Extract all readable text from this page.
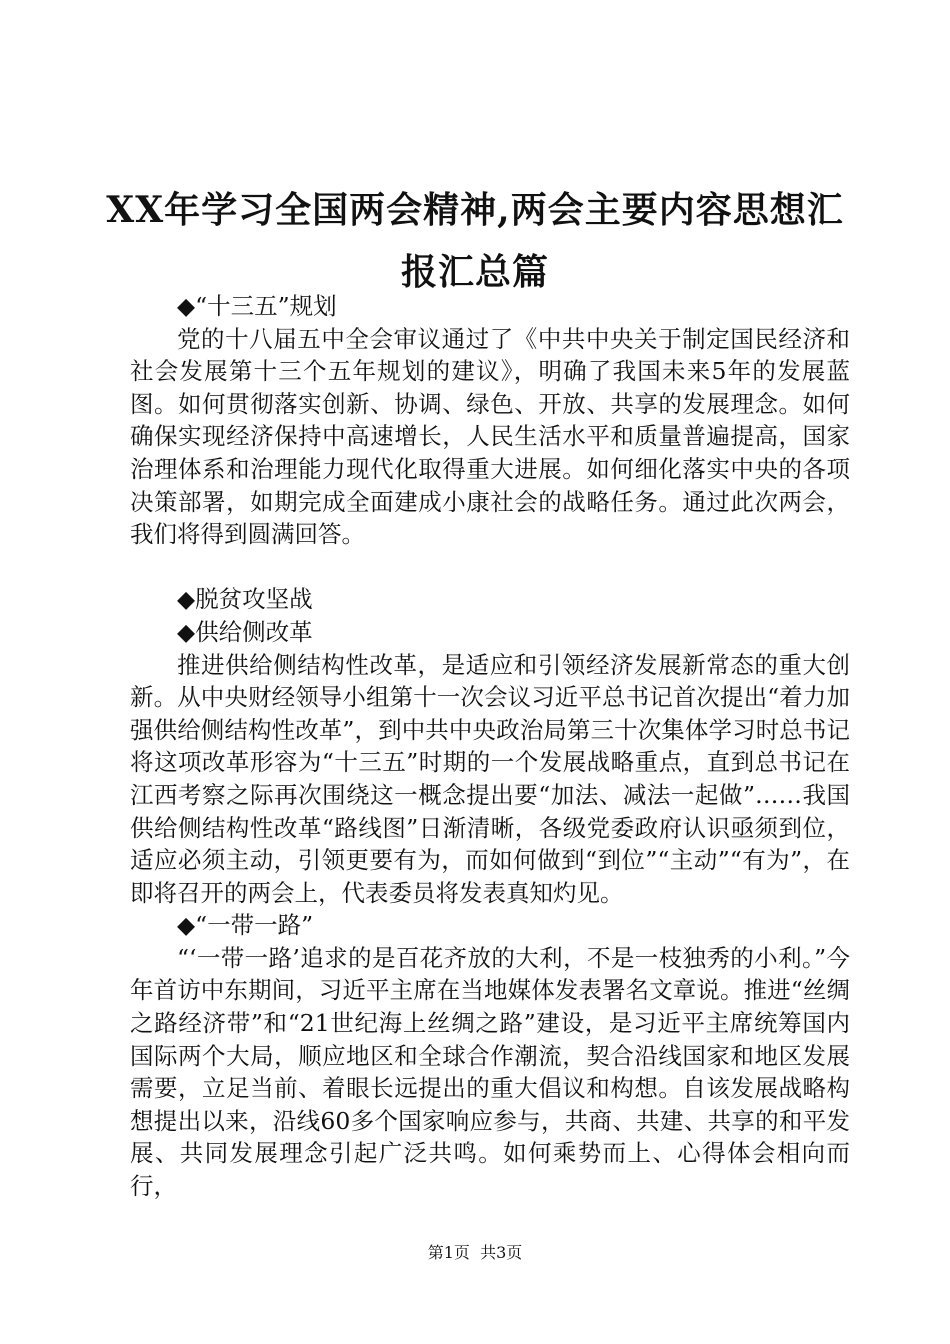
XX年学习全国两会精神,两会主要内容思想汇
报汇总篇
◆“十三五”规划
党的十八届五中全会审议通过了《中共中央关于制定国民经济和社会发展第十三个五年规划的建议》，明确了我国未来5年的发展蓝图。如何贯彻落实创新、协调、绿色、开放、共享的发展理念。如何确保实现经济保持中高速增长，人民生活水平和质量普遍提高，国家治理体系和治理能力现代化取得重大进展。如何细化落实中央的各项决策部署，如期完成全面建成小康社会的战略任务。通过此次两会，我们将得到圆满回答。
◆脱贫攻坚战
◆供给侧改革
推进供给侧结构性改革，是适应和引领经济发展新常态的重大创新。从中央财经领导小组第十一次会议习近平总书记首次提出“着力加强供给侧结构性改革”，到中共中央政治局第三十次集体学习时总书记将这项改革形容为“十三五”时期的一个发展战略重点，直到总书记在江西考察之际再次围绕这一概念提出要“加法、减法一起做”……我国供给侧结构性改革“路线图”日渐清晰，各级党委政府认识亟须到位，适应必须主动，引领更要有为，而如何做到“到位”“主动”“有为”，在即将召开的两会上，代表委员将发表真知灼见。
◆“一带一路”
“‘一带一路’追求的是百花齐放的大利，不是一枝独秀的小利。”今年首访中东期间，习近平主席在当地媒体发表署名文章说。推进“丝绸之路经济带”和“21世纪海上丝绸之路”建设，是习近平主席统筹国内国际两个大局，顺应地区和全球合作潮流，契合沿线国家和地区发展需要，立足当前、着眼长远提出的重大倡议和构想。自该发展战略构想提出以来，沿线60多个国家响应参与，共商、共建、共享的和平发展、共同发展理念引起广泛共鸣。如何乘势而上、心得体会相向而行，
第1页 共3页
